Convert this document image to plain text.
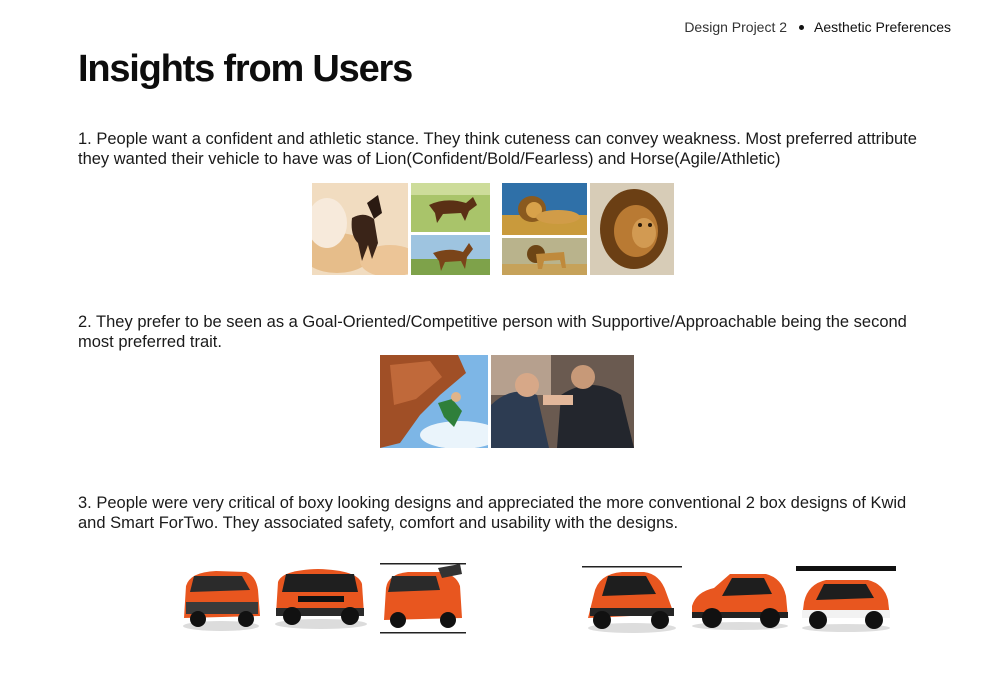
Design Project 2 Aesthetic Preferences
Insights from Users

1. People want a confident and athletic stance. They think cuteness can convey weakness. Most preferred attribute they wanted their vehicle to have was of Lion(Confident/Bold/Fearless) and Horse(Agile/Athletic)

2. They prefer to be seen as a Goal-Oriented/Competitive person with Supportive/Approachable being the second most preferred trait.

3. People were very critical of boxy looking designs and appreciated the more conventional 2 box designs of Kwid and Smart ForTwo. They associated safety, comfort and usability with the designs.
